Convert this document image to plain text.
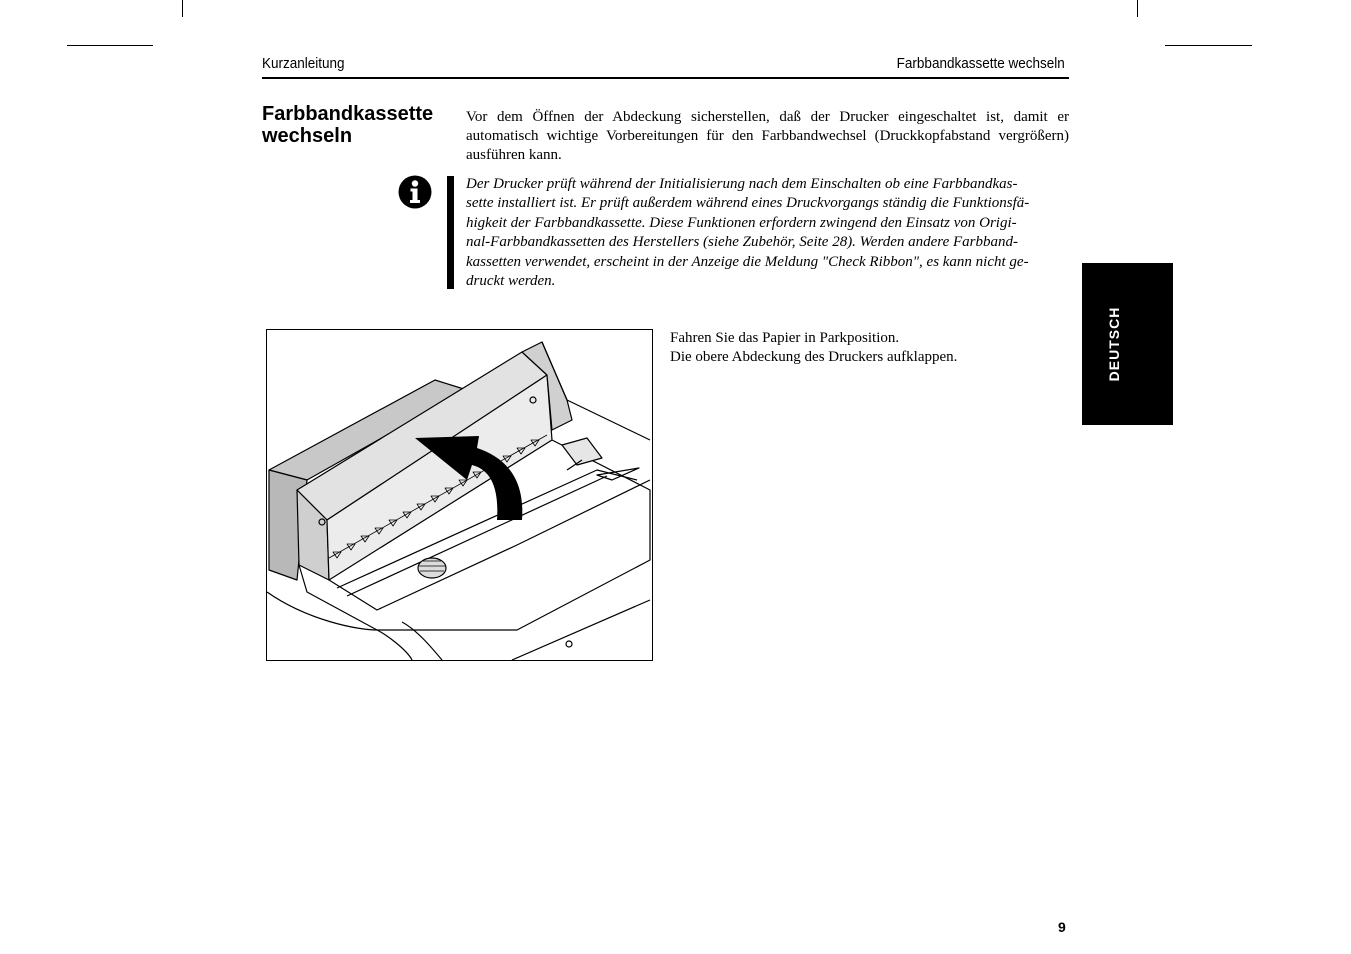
Kurzanleitung	Farbbandkassette wechseln
Farbbandkassette
wechseln
Vor dem Öffnen der Abdeckung sicherstellen, daß der Drucker eingeschaltet ist, damit er automatisch wichtige Vorbereitungen für den Farbbandwechsel (Druckkopfabstand vergrößern) ausführen kann.
Der Drucker prüft während der Initialisierung nach dem Einschalten ob eine Farbbandkas-
sette installiert ist. Er prüft außerdem während eines Druckvorgangs ständig die Funktionsfä-
higkeit der Farbbandkassette. Diese Funktionen erfordern zwingend den Einsatz von Origi-
nal-Farbbandkassetten des Herstellers (siehe Zubehör, Seite 28). Werden andere Farbband-
kassetten verwendet, erscheint in der Anzeige die Meldung "Check Ribbon", es kann nicht ge-
druckt werden.
Fahren Sie das Papier in Parkposition.
Die obere Abdeckung des Druckers aufklappen.	DEUTSCH
9
